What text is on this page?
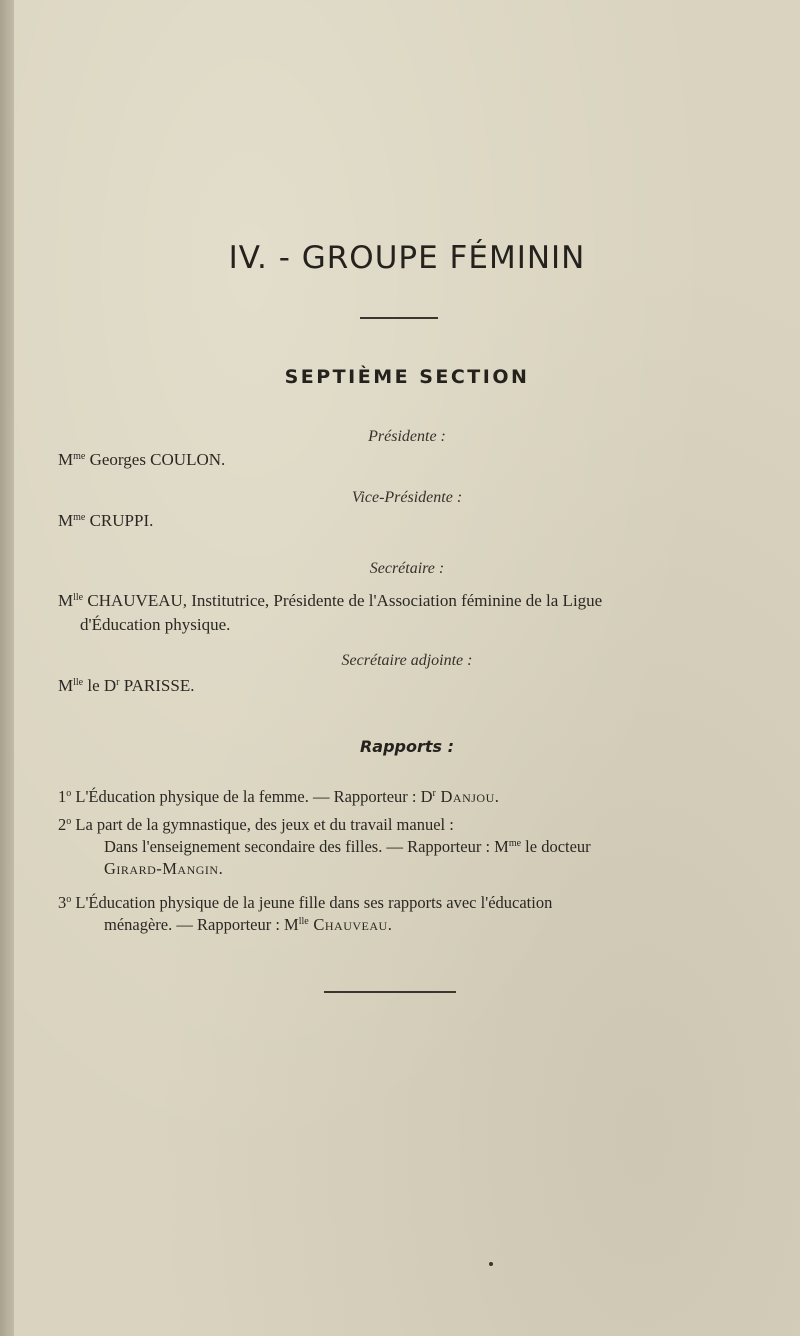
IV. - GROUPE FÉMININ
SEPTIÈME SECTION
Présidente :
$M^{me}$ Georges COULON.
Vice-Présidente :
$M^{me}$ CRUPPI.
Secrétaire :
$M^{lle}$ CHAUVEAU, Institutrice, Présidente de l'Association féminine de la Ligue
d'Éducation physique.
Secrétaire adjointe :
$M^{lle}$ le $D^r$ PARISSE.
Rapports :
1$^o$ L'Éducation physique de la femme. — Rapporteur : $D^r$ Danjou.
2$^o$ La part de la gymnastique, des jeux et du travail manuel :
Dans l'enseignement secondaire des filles. — Rapporteur : $M^{me}$ le docteur
Girard-Mangin.
3$^o$ L'Éducation physique de la jeune fille dans ses rapports avec l'éducation
ménagère. — Rapporteur : $M^{lle}$ Chauveau.
